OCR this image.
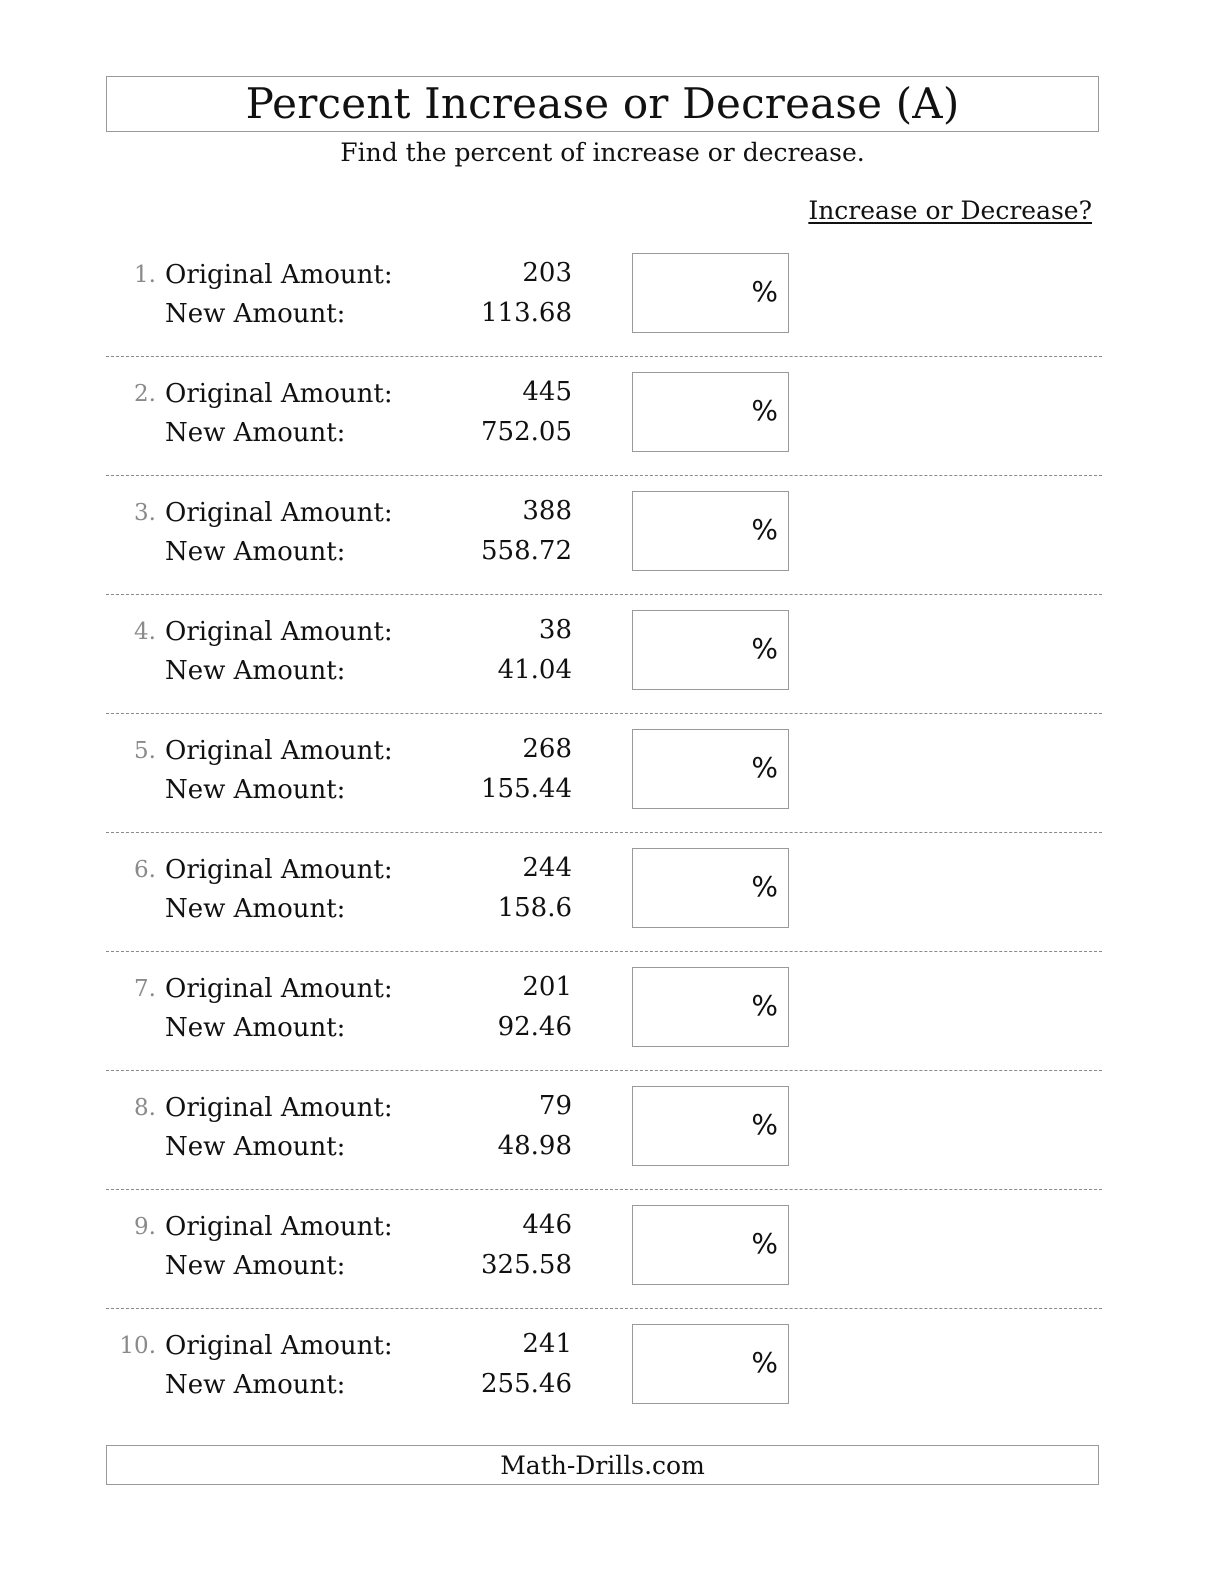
Percent Increase or Decrease (A)
Find the percent of increase or decrease.
Increase or Decrease?
1. Original Amount:	203
New Amount:	113.68
%
2. Original Amount:	445
New Amount:	752.05
%
3. Original Amount:	388
New Amount:	558.72
%
4. Original Amount:	38
New Amount:	41.04
%
5. Original Amount:	268
New Amount:	155.44
%
6. Original Amount:	244
New Amount:	158.6
%
7. Original Amount:	201
New Amount:	92.46
%
8. Original Amount:	79
New Amount:	48.98
%
9. Original Amount:	446
New Amount:	325.58
%
10. Original Amount:	241
New Amount:	255.46
%
Math-Drills.com
